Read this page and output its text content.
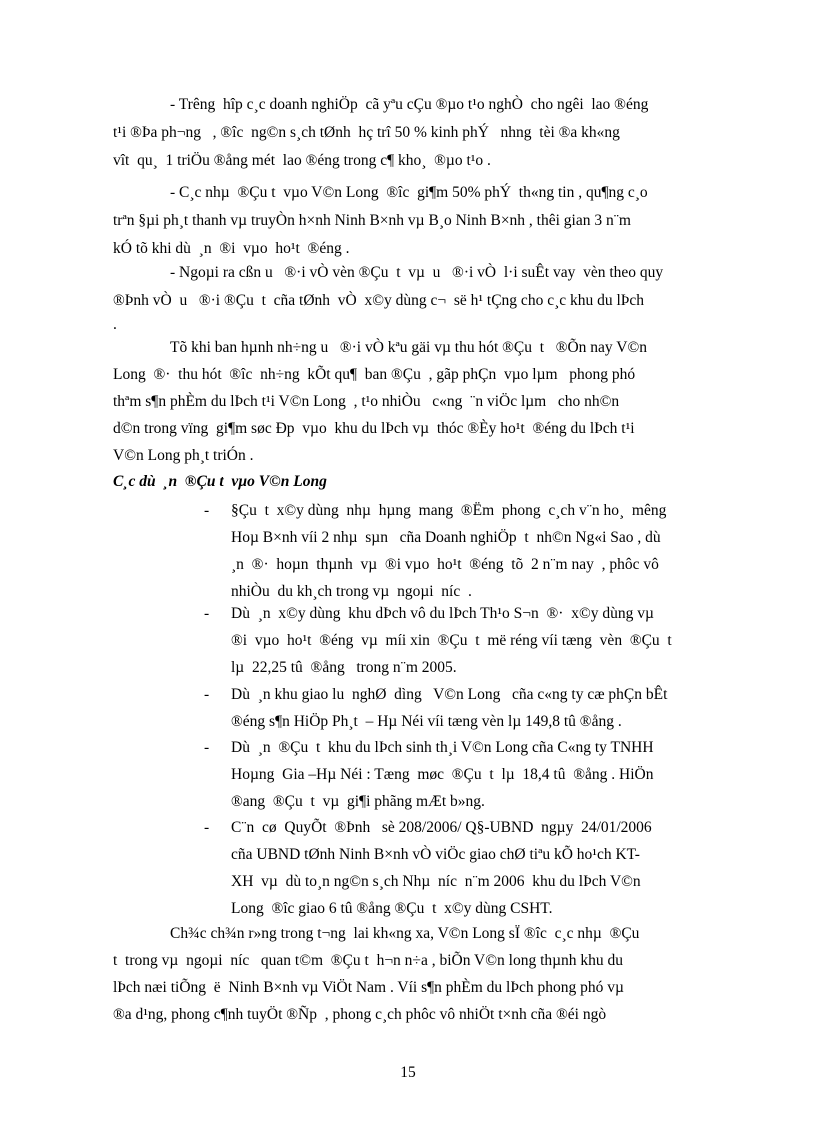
- Trêng  hîp c¸c doanh nghiÖp  cã yªu cÇu ®µo t¹o nghÒ  cho ngêi  lao ®éng
t¹i ®Þa ph¬ng   , ®îc  ng©n s¸ch tØnh  hç trî 50 % kinh phÝ   nhng  tèi ®a kh«ng
vît  qu¸  1 triÖu ®ång mét  lao ®éng trong c¶ kho¸  ®µo t¹o .
- C¸c nhµ  ®Çu t  vµo V©n Long  ®îc  gi¶m 50% phÝ  th«ng tin , qu¶ng c¸o
trªn §µi ph¸t thanh vµ truyÒn h×nh Ninh B×nh vµ B¸o Ninh B×nh , thêi gian 3 n¨m
kÓ tõ khi dù  ¸n  ®i  vµo  ho¹t  ®éng .
- Ngoµi ra cßn u   ®·i vÒ vèn ®Çu  t  vµ  u   ®·i vÒ  l·i suÊt vay  vèn theo quy
®Þnh vÒ  u   ®·i ®Çu  t  cña tØnh  vÒ  x©y dùng c¬  së h¹ tÇng cho c¸c khu du lÞch
.
Tõ khi ban hµnh nh÷ng u   ®·i vÒ kªu gäi vµ thu hót ®Çu  t   ®Õn nay V©n
Long  ®·  thu hót  ®îc  nh÷ng  kÕt qu¶  ban ®Çu  , gãp phÇn  vµo lµm   phong phó
thªm s¶n phÈm du lÞch t¹i V©n Long  , t¹o nhiÒu   c«ng  ¨n viÖc lµm   cho nh©n
d©n trong vïng  gi¶m søc Ðp  vµo  khu du lÞch vµ  thóc ®Èy ho¹t  ®éng du lÞch t¹i
V©n Long ph¸t triÓn .
C¸c dù  ¸n  ®Çu t  vµo V©n Long
- §Çu  t  x©y dùng  nhµ  hµng  mang  ®Ëm  phong  c¸ch v¨n ho¸  mêng
Hoµ B×nh víi 2 nhµ  sµn   cña Doanh nghiÖp  t  nh©n Ng«i Sao , dù
¸n  ®·  hoµn  thµnh  vµ  ®i vµo  ho¹t  ®éng  tõ  2 n¨m nay  , phôc vô
nhiÒu  du kh¸ch trong vµ  ngoµi  níc  .
- Dù  ¸n  x©y dùng  khu dÞch vô du lÞch Th¹o S¬n  ®·  x©y dùng vµ
®i  vµo  ho¹t  ®éng  vµ  míi xin  ®Çu  t  më réng víi tæng  vèn  ®Çu  t
lµ  22,25 tû  ®ång   trong n¨m 2005.
- Dù  ¸n khu giao lu  nghØ  dìng   V©n Long   cña c«ng ty cæ phÇn bÊt
®éng s¶n HiÖp Ph¸t  – Hµ Néi víi tæng vèn lµ 149,8 tû ®ång .
- Dù  ¸n  ®Çu  t  khu du lÞch sinh th¸i V©n Long cña C«ng ty TNHH
Hoµng  Gia –Hµ Néi : Tæng  møc  ®Çu  t  lµ  18,4 tû  ®ång . HiÖn
®ang  ®Çu  t  vµ  gi¶i phãng mÆt b»ng.
- C¨n  cø  QuyÕt  ®Þnh   sè 208/2006/ Q§-UBND  ngµy  24/01/2006
cña UBND tØnh Ninh B×nh vÒ viÖc giao chØ tiªu kÕ ho¹ch KT-
XH  vµ  dù to¸n ng©n s¸ch Nhµ  níc  n¨m 2006  khu du lÞch V©n
Long  ®îc giao 6 tû ®ång ®Çu  t  x©y dùng CSHT.
Ch¾c ch¾n r»ng trong t¬ng  lai kh«ng xa, V©n Long sÏ ®îc  c¸c nhµ  ®Çu
t  trong vµ  ngoµi  níc   quan t©m  ®Çu t  h¬n n÷a , biÕn V©n long thµnh khu du
lÞch næi tiÕng  ë  Ninh B×nh vµ ViÖt Nam . Víi s¶n phÈm du lÞch phong phó vµ
®a d¹ng, phong c¶nh tuyÖt ®Ñp  , phong c¸ch phôc vô nhiÖt t×nh cña ®éi ngò
15
